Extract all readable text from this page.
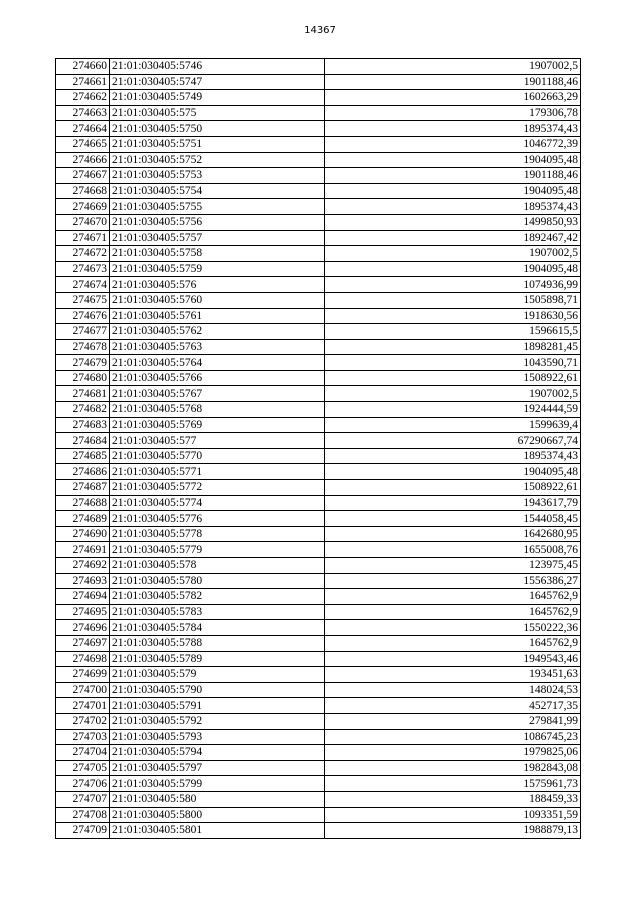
14367
274660	21:01:030405:5746	1907002,5
274661	21:01:030405:5747	1901188,46
274662	21:01:030405:5749	1602663,29
274663	21:01:030405:575	179306,78
274664	21:01:030405:5750	1895374,43
274665	21:01:030405:5751	1046772,39
274666	21:01:030405:5752	1904095,48
274667	21:01:030405:5753	1901188,46
274668	21:01:030405:5754	1904095,48
274669	21:01:030405:5755	1895374,43
274670	21:01:030405:5756	1499850,93
274671	21:01:030405:5757	1892467,42
274672	21:01:030405:5758	1907002,5
274673	21:01:030405:5759	1904095,48
274674	21:01:030405:576	1074936,99
274675	21:01:030405:5760	1505898,71
274676	21:01:030405:5761	1918630,56
274677	21:01:030405:5762	1596615,5
274678	21:01:030405:5763	1898281,45
274679	21:01:030405:5764	1043590,71
274680	21:01:030405:5766	1508922,61
274681	21:01:030405:5767	1907002,5
274682	21:01:030405:5768	1924444,59
274683	21:01:030405:5769	1599639,4
274684	21:01:030405:577	67290667,74
274685	21:01:030405:5770	1895374,43
274686	21:01:030405:5771	1904095,48
274687	21:01:030405:5772	1508922,61
274688	21:01:030405:5774	1943617,79
274689	21:01:030405:5776	1544058,45
274690	21:01:030405:5778	1642680,95
274691	21:01:030405:5779	1655008,76
274692	21:01:030405:578	123975,45
274693	21:01:030405:5780	1556386,27
274694	21:01:030405:5782	1645762,9
274695	21:01:030405:5783	1645762,9
274696	21:01:030405:5784	1550222,36
274697	21:01:030405:5788	1645762,9
274698	21:01:030405:5789	1949543,46
274699	21:01:030405:579	193451,63
274700	21:01:030405:5790	148024,53
274701	21:01:030405:5791	452717,35
274702	21:01:030405:5792	279841,99
274703	21:01:030405:5793	1086745,23
274704	21:01:030405:5794	1979825,06
274705	21:01:030405:5797	1982843,08
274706	21:01:030405:5799	1575961,73
274707	21:01:030405:580	188459,33
274708	21:01:030405:5800	1093351,59
274709	21:01:030405:5801	1988879,13
